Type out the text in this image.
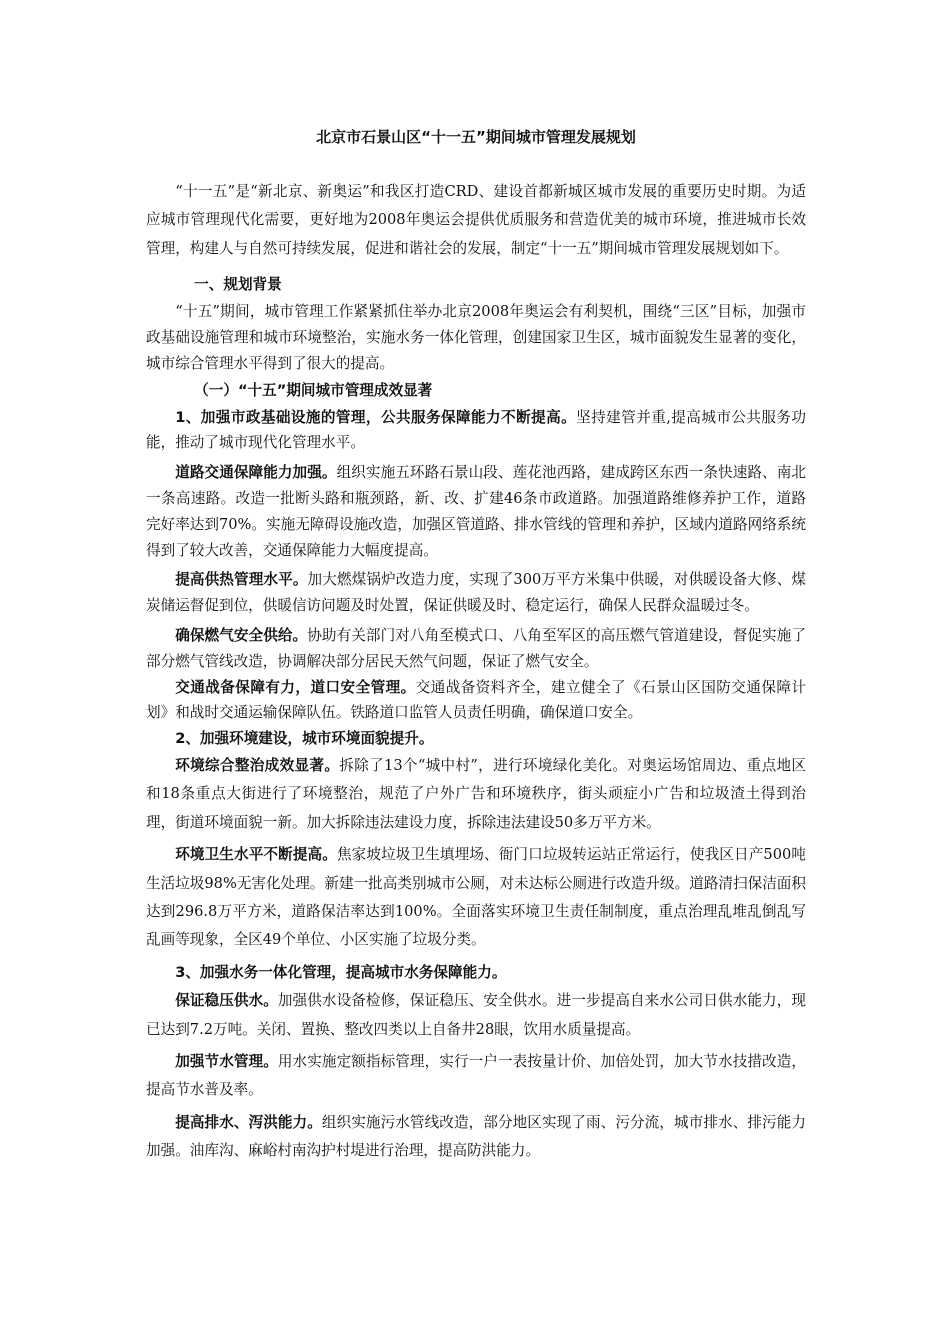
北京市石景山区“十一五”期间城市管理发展规划

“十一五”是“新北京、新奥运”和我区打造CRD、建设首都新城区城市发展的重要历史时期。为适应城市管理现代化需要，更好地为2008年奥运会提供优质服务和营造优美的城市环境，推进城市长效管理，构建人与自然可持续发展，促进和谐社会的发展，制定“十一五”期间城市管理发展规划如下。

一、规划背景

“十五”期间，城市管理工作紧紧抓住举办北京2008年奥运会有利契机，围绕“三区”目标，加强市政基础设施管理和城市环境整治，实施水务一体化管理，创建国家卫生区，城市面貌发生显著的变化，城市综合管理水平得到了很大的提高。

（一）“十五”期间城市管理成效显著

1、加强市政基础设施的管理，公共服务保障能力不断提高。坚持建管并重,提高城市公共服务功能，推动了城市现代化管理水平。

道路交通保障能力加强。组织实施五环路石景山段、莲花池西路，建成跨区东西一条快速路、南北一条高速路。改造一批断头路和瓶颈路，新、改、扩建46条市政道路。加强道路维修养护工作，道路完好率达到70%。实施无障碍设施改造，加强区管道路、排水管线的管理和养护，区域内道路网络系统得到了较大改善，交通保障能力大幅度提高。

提高供热管理水平。加大燃煤锅炉改造力度，实现了300万平方米集中供暖，对供暖设备大修、煤炭储运督促到位，供暖信访问题及时处置，保证供暖及时、稳定运行，确保人民群众温暖过冬。

确保燃气安全供给。协助有关部门对八角至模式口、八角至军区的高压燃气管道建设，督促实施了部分燃气管线改造，协调解决部分居民天然气问题，保证了燃气安全。

交通战备保障有力，道口安全管理。交通战备资料齐全，建立健全了《石景山区国防交通保障计划》和战时交通运输保障队伍。铁路道口监管人员责任明确，确保道口安全。

2、加强环境建设，城市环境面貌提升。

环境综合整治成效显著。拆除了13个“城中村”，进行环境绿化美化。对奥运场馆周边、重点地区和18条重点大街进行了环境整治，规范了户外广告和环境秩序，街头顽症小广告和垃圾渣土得到治理，街道环境面貌一新。加大拆除违法建设力度，拆除违法建设50多万平方米。

环境卫生水平不断提高。焦家坡垃圾卫生填埋场、衙门口垃圾转运站正常运行，使我区日产500吨生活垃圾98%无害化处理。新建一批高类别城市公厕，对未达标公厕进行改造升级。道路清扫保洁面积达到296.8万平方米，道路保洁率达到100%。全面落实环境卫生责任制制度，重点治理乱堆乱倒乱写乱画等现象，全区49个单位、小区实施了垃圾分类。

3、加强水务一体化管理，提高城市水务保障能力。

保证稳压供水。加强供水设备检修，保证稳压、安全供水。进一步提高自来水公司日供水能力，现已达到7.2万吨。关闭、置换、整改四类以上自备井28眼，饮用水质量提高。

加强节水管理。用水实施定额指标管理，实行一户一表按量计价、加倍处罚，加大节水技措改造，提高节水普及率。

提高排水、泻洪能力。组织实施污水管线改造，部分地区实现了雨、污分流，城市排水、排污能力加强。油库沟、麻峪村南沟护村堤进行治理，提高防洪能力。
